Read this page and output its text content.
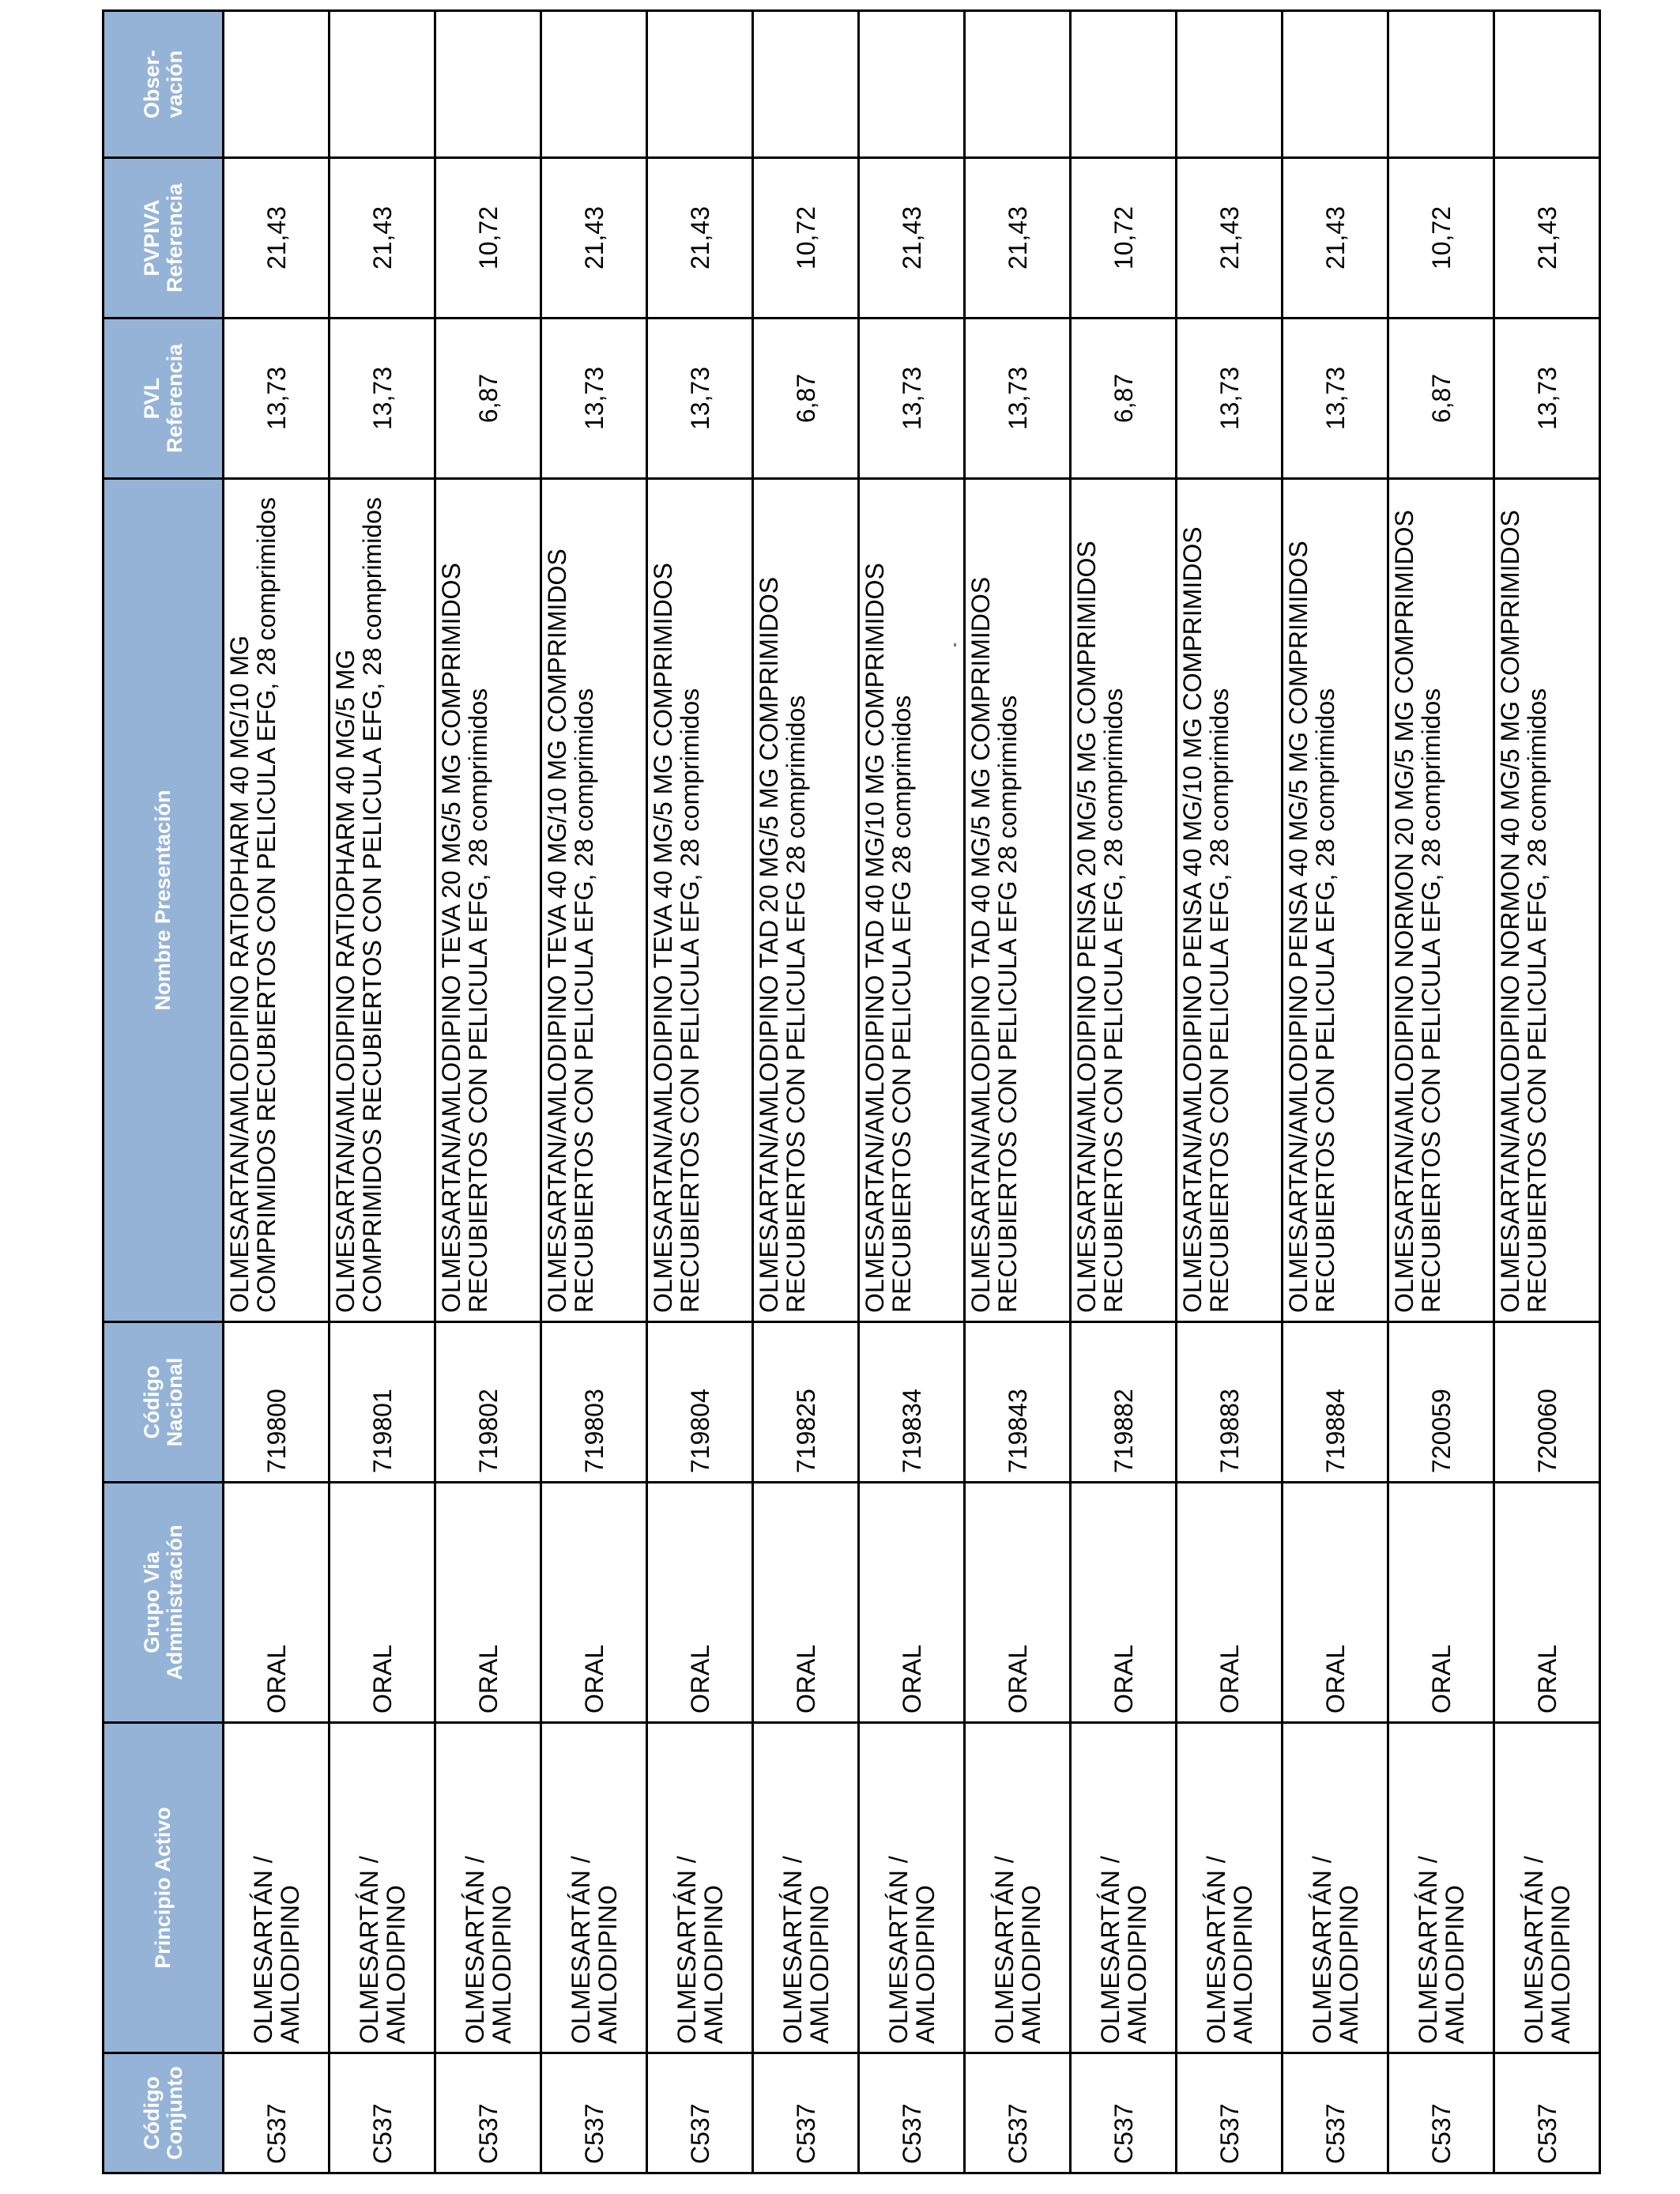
Código Conjunto	Principio Activo	Grupo Via Administración	Código Nacional	Nombre Presentación	PVL Referencia	PVPIVA Referencia	Obser-vación
C537	OLMESARTÁN / AMLODIPINO	ORAL	719800	OLMESARTAN/AMLODIPINO RATIOPHARM 40 MG/10 MG COMPRIMIDOS RECUBIERTOS CON PELICULA EFG, 28 comprimidos	13,73	21,43	
C537	OLMESARTÁN / AMLODIPINO	ORAL	719801	OLMESARTAN/AMLODIPINO RATIOPHARM 40 MG/5 MG COMPRIMIDOS RECUBIERTOS CON PELICULA EFG, 28 comprimidos	13,73	21,43	
C537	OLMESARTÁN / AMLODIPINO	ORAL	719802	OLMESARTAN/AMLODIPINO TEVA 20 MG/5 MG COMPRIMIDOS RECUBIERTOS CON PELICULA EFG, 28 comprimidos	6,87	10,72	
C537	OLMESARTÁN / AMLODIPINO	ORAL	719803	OLMESARTAN/AMLODIPINO TEVA 40 MG/10 MG COMPRIMIDOS RECUBIERTOS CON PELICULA EFG, 28 comprimidos	13,73	21,43	
C537	OLMESARTÁN / AMLODIPINO	ORAL	719804	OLMESARTAN/AMLODIPINO TEVA 40 MG/5 MG COMPRIMIDOS RECUBIERTOS CON PELICULA EFG, 28 comprimidos	13,73	21,43	
C537	OLMESARTÁN / AMLODIPINO	ORAL	719825	OLMESARTAN/AMLODIPINO TAD 20 MG/5 MG COMPRIMIDOS RECUBIERTOS CON PELICULA EFG 28 comprimidos	6,87	10,72	
C537	OLMESARTÁN / AMLODIPINO	ORAL	719834	OLMESARTAN/AMLODIPINO TAD 40 MG/10 MG COMPRIMIDOS RECUBIERTOS CON PELICULA EFG 28 comprimidos	13,73	21,43	
C537	OLMESARTÁN / AMLODIPINO	ORAL	719843	OLMESARTAN/AMLODIPINO TAD 40 MG/5 MG COMPRIMIDOS RECUBIERTOS CON PELICULA EFG 28 comprimidos	13,73	21,43	
C537	OLMESARTÁN / AMLODIPINO	ORAL	719882	OLMESARTAN/AMLODIPINO PENSA 20 MG/5 MG COMPRIMIDOS RECUBIERTOS CON PELICULA EFG, 28 comprimidos	6,87	10,72	
C537	OLMESARTÁN / AMLODIPINO	ORAL	719883	OLMESARTAN/AMLODIPINO PENSA 40 MG/10 MG COMPRIMIDOS RECUBIERTOS CON PELICULA EFG, 28 comprimidos	13,73	21,43	
C537	OLMESARTÁN / AMLODIPINO	ORAL	719884	OLMESARTAN/AMLODIPINO PENSA 40 MG/5 MG COMPRIMIDOS RECUBIERTOS CON PELICULA EFG, 28 comprimidos	13,73	21,43	
C537	OLMESARTÁN / AMLODIPINO	ORAL	720059	OLMESARTAN/AMLODIPINO NORMON 20 MG/5 MG COMPRIMIDOS RECUBIERTOS CON PELICULA EFG, 28 comprimidos	6,87	10,72	
C537	OLMESARTÁN / AMLODIPINO	ORAL	720060	OLMESARTAN/AMLODIPINO NORMON 40 MG/5 MG COMPRIMIDOS RECUBIERTOS CON PELICULA EFG, 28 comprimidos	13,73	21,43	
